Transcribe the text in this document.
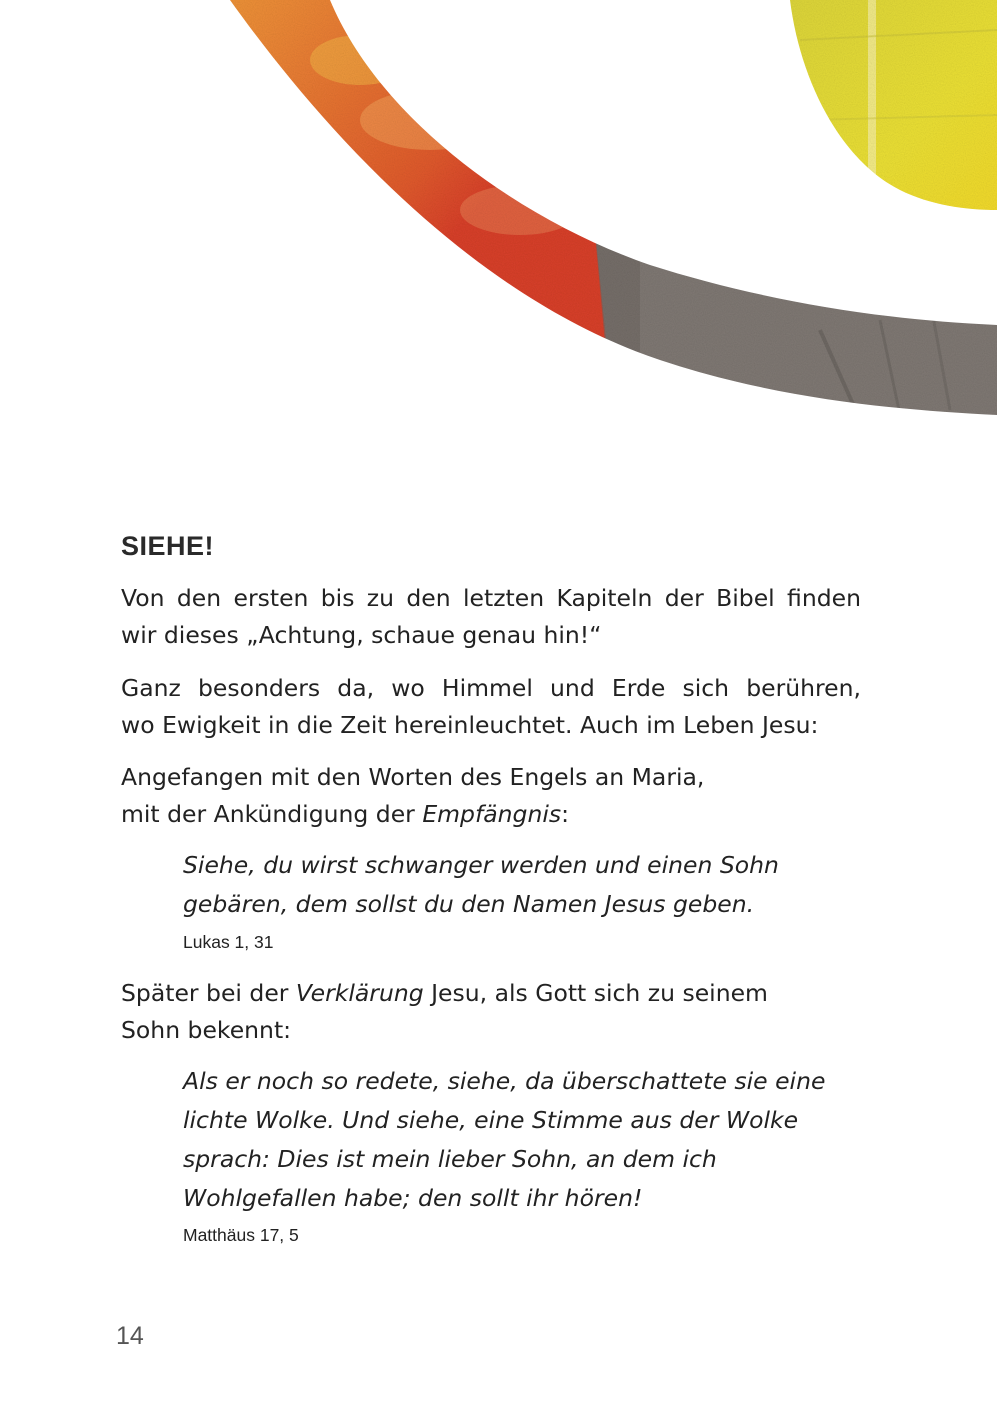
SIEHE!

Von den ersten bis zu den letzten Kapiteln der Bibel finden
wir dieses „Achtung, schaue genau hin!“

Ganz besonders da, wo Himmel und Erde sich berühren,
wo Ewigkeit in die Zeit hereinleuchtet. Auch im Leben Jesu:

Angefangen mit den Worten des Engels an Maria,
mit der Ankündigung der Empfängnis:

Siehe, du wirst schwanger werden und einen Sohn
gebären, dem sollst du den Namen Jesus geben.

Lukas 1, 31

Später bei der Verklärung Jesu, als Gott sich zu seinem
Sohn bekennt:

Als er noch so redete, siehe, da überschattete sie eine
lichte Wolke. Und siehe, eine Stimme aus der Wolke
sprach: Dies ist mein lieber Sohn, an dem ich
Wohlgefallen habe; den sollt ihr hören!

Matthäus 17, 5

14
